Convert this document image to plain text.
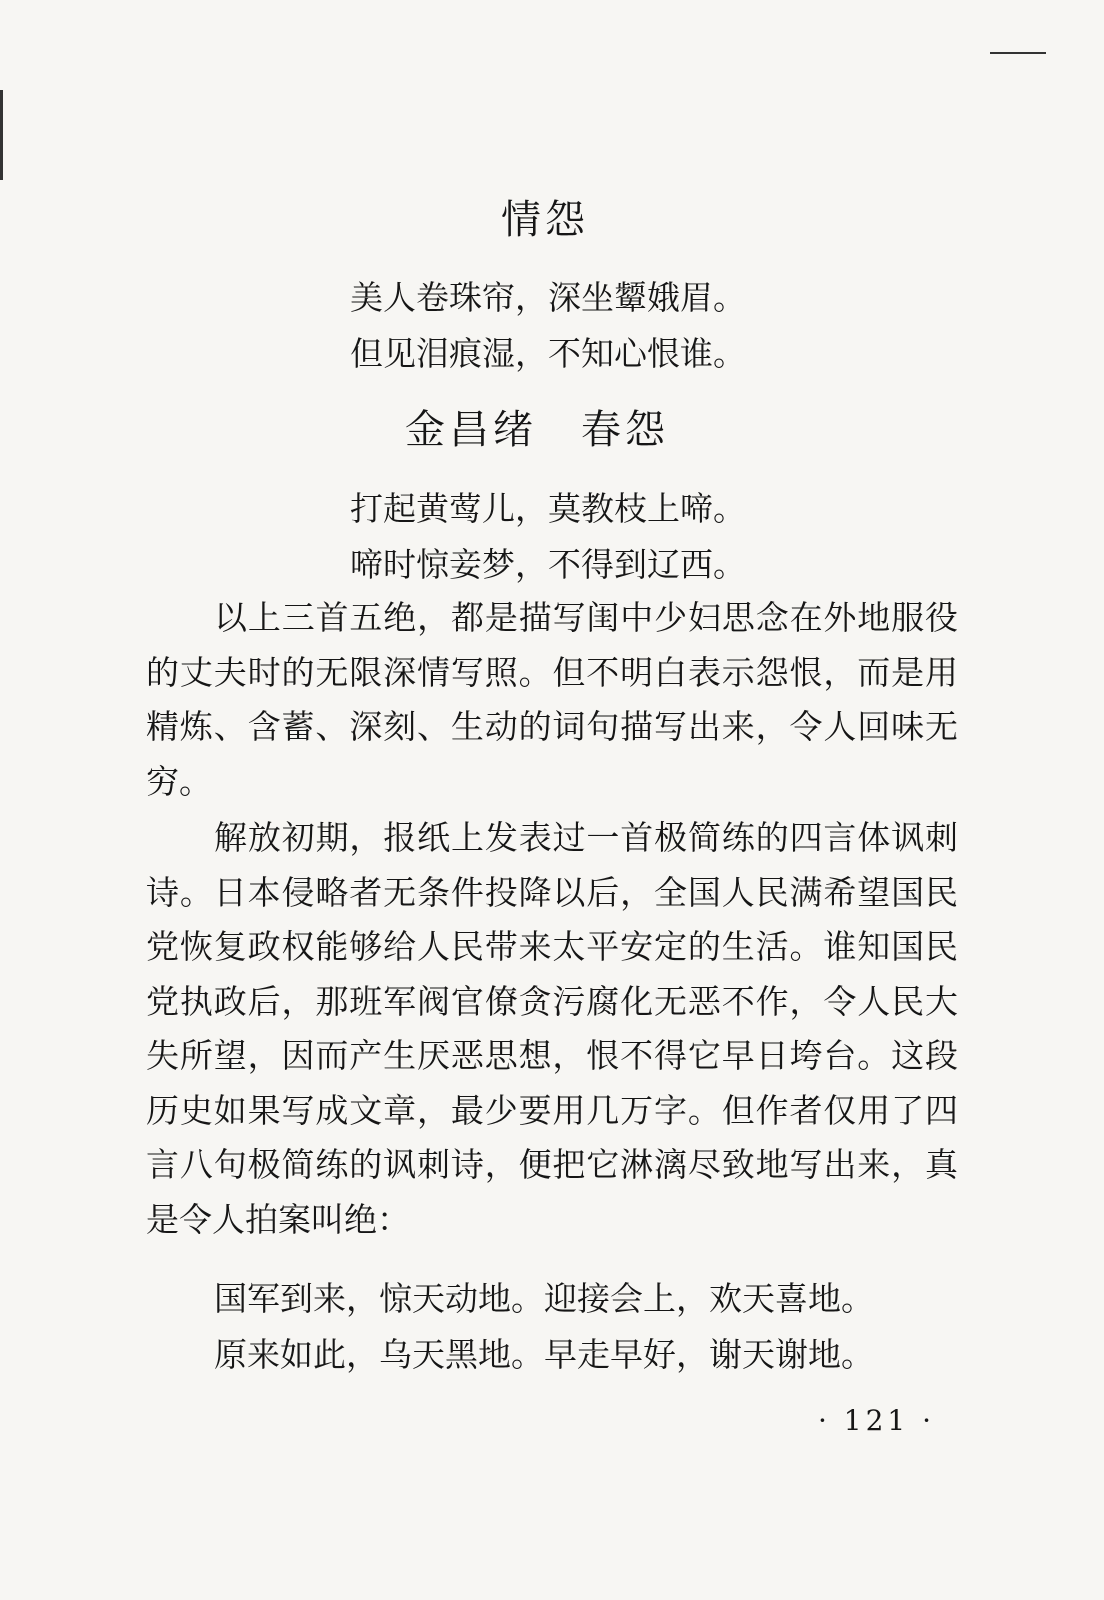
情怨
美人卷珠帘，深坐颦娥眉。
但见泪痕湿，不知心恨谁。
金昌绪　春怨
打起黄莺儿，莫教枝上啼。
啼时惊妾梦，不得到辽西。

以上三首五绝，都是描写闺中少妇思念在外地服役的丈夫时的无限深情写照。但不明白表示怨恨，而是用精炼、含蓄、深刻、生动的词句描写出来，令人回味无穷。

解放初期，报纸上发表过一首极简练的四言体讽刺诗。日本侵略者无条件投降以后，全国人民满希望国民党恢复政权能够给人民带来太平安定的生活。谁知国民党执政后，那班军阀官僚贪污腐化无恶不作，令人民大失所望，因而产生厌恶思想，恨不得它早日垮台。这段历史如果写成文章，最少要用几万字。但作者仅用了四言八句极简练的讽刺诗，便把它淋漓尽致地写出来，真是令人拍案叫绝：

国军到来，惊天动地。迎接会上，欢天喜地。
原来如此，乌天黑地。早走早好，谢天谢地。
· 121 ·
